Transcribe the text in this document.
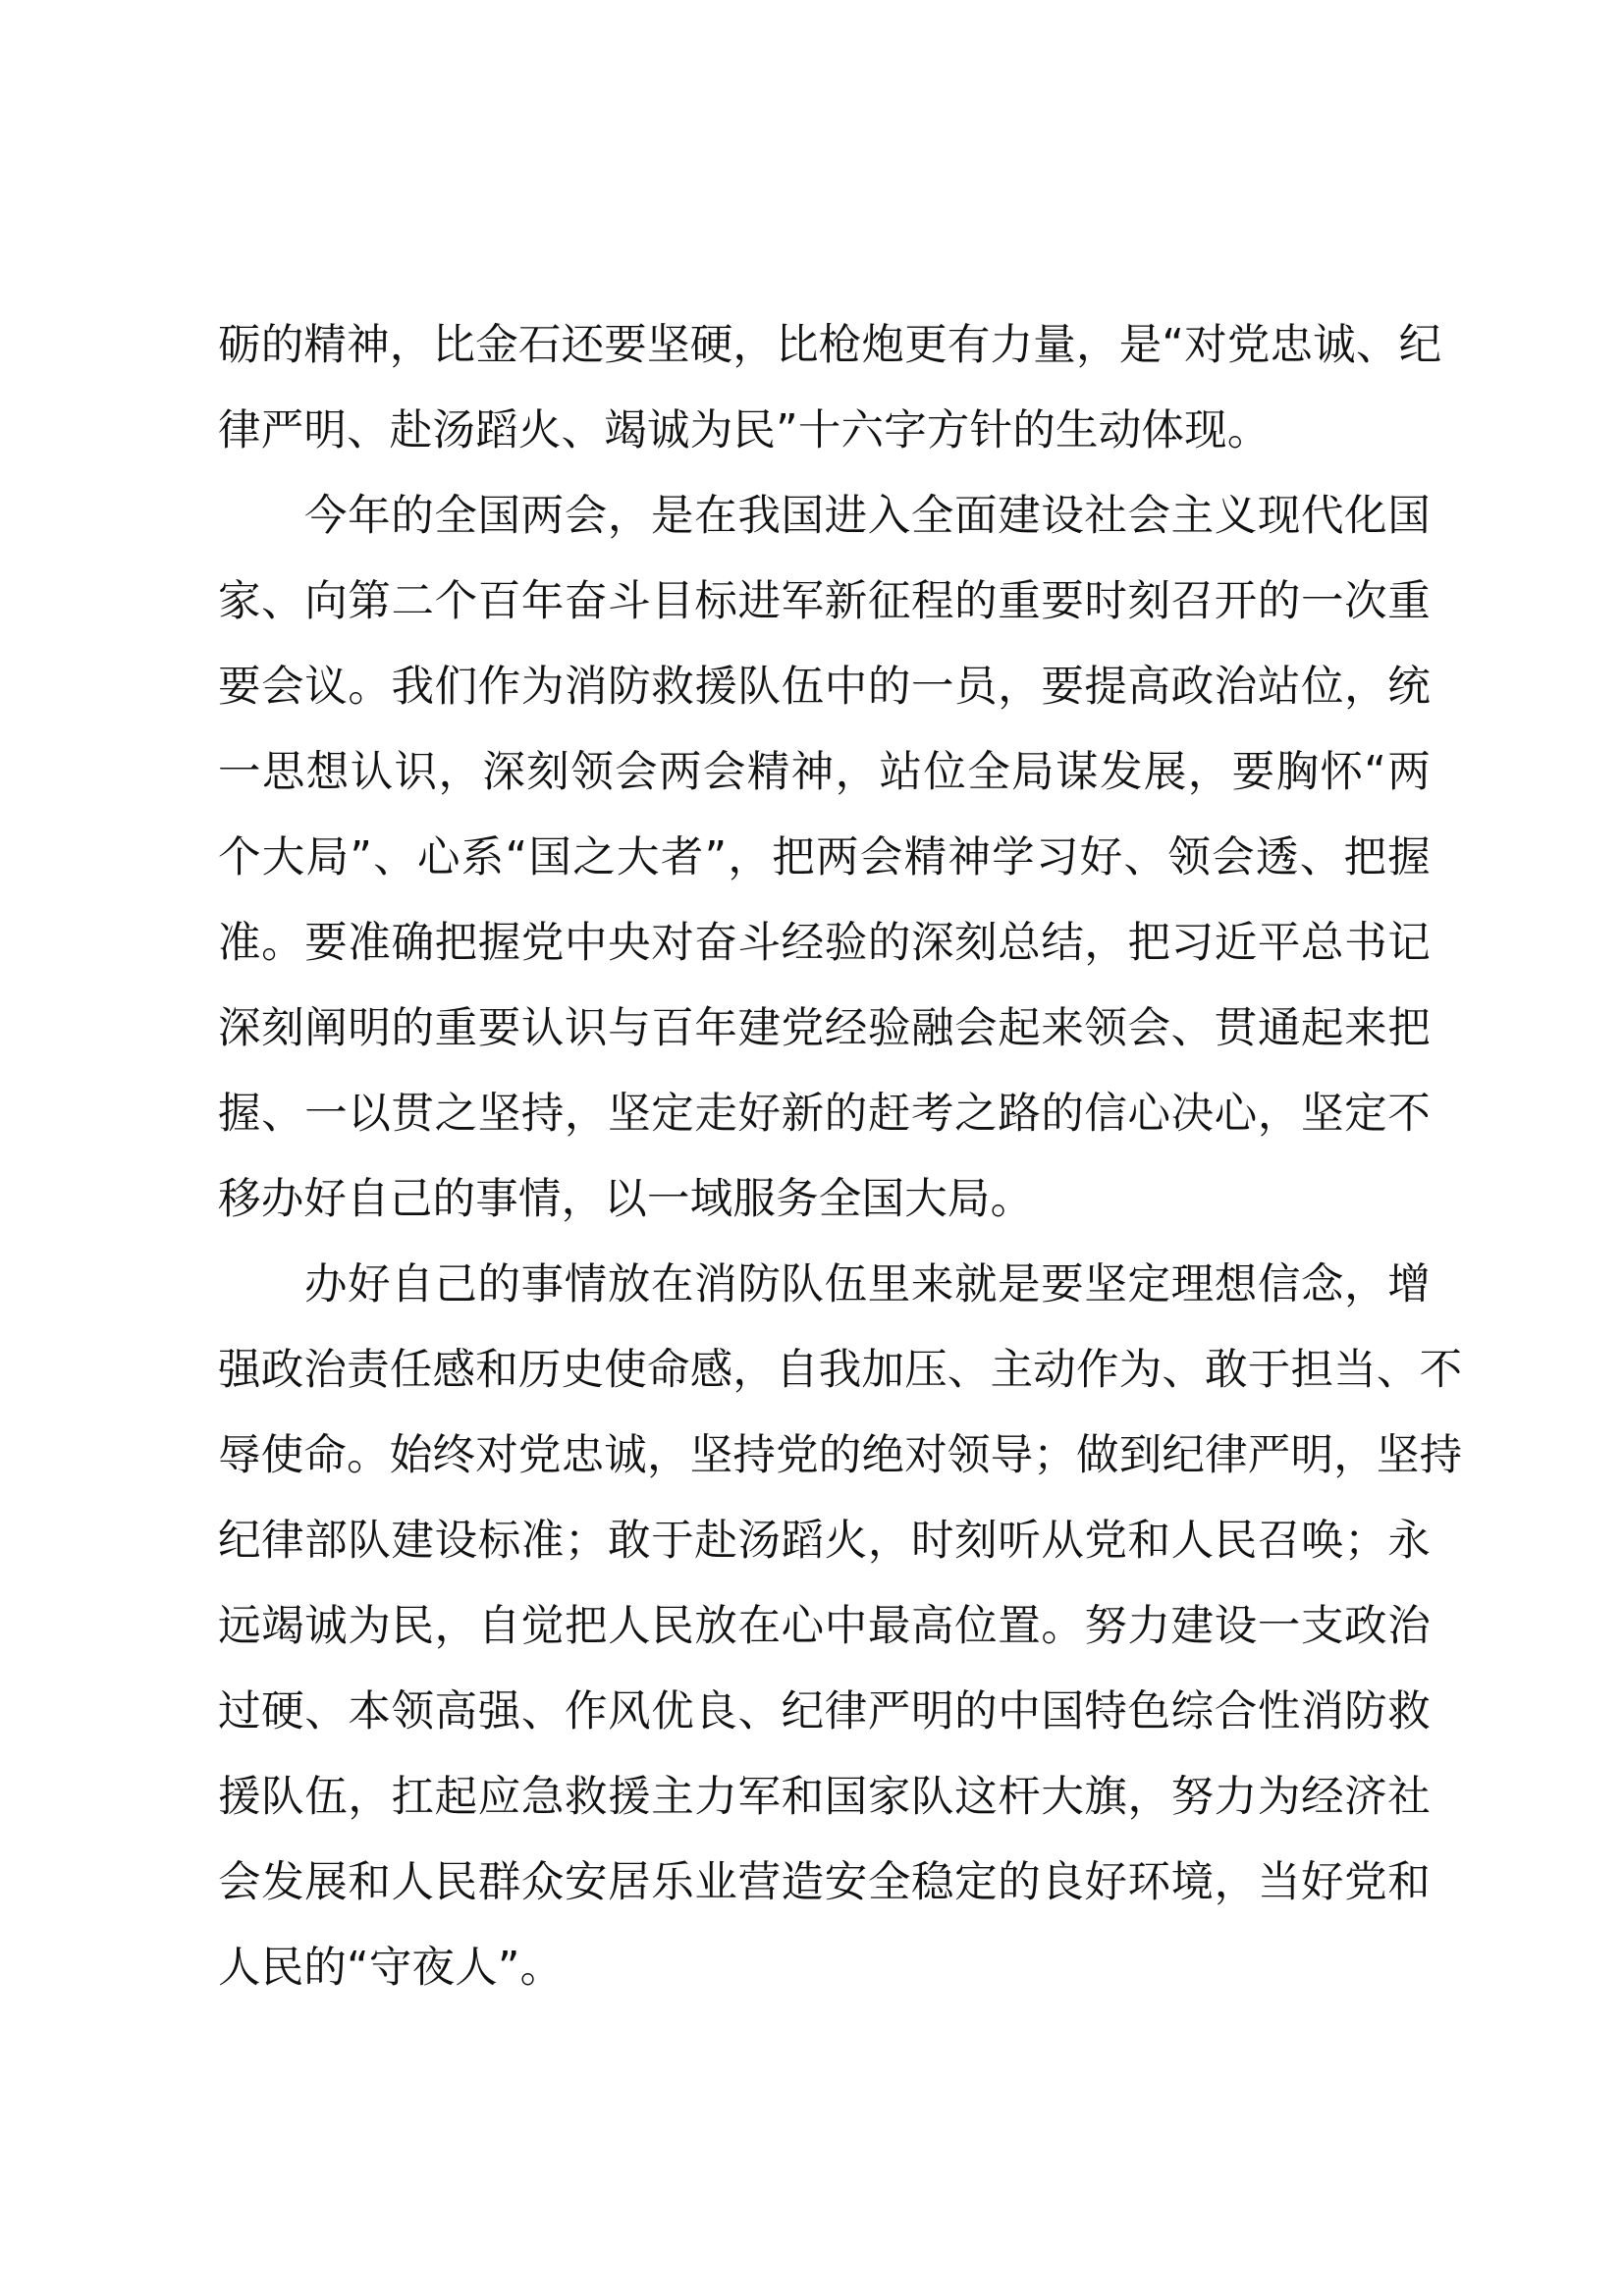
砺的精神，比金石还要坚硬，比枪炮更有力量，是“对党忠诚、纪
律严明、赴汤蹈火、竭诚为民”十六字方针的生动体现。
今年的全国两会，是在我国进入全面建设社会主义现代化国
家、向第二个百年奋斗目标进军新征程的重要时刻召开的一次重
要会议。我们作为消防救援队伍中的一员，要提高政治站位，统
一思想认识，深刻领会两会精神，站位全局谋发展，要胸怀“两
个大局”、心系“国之大者”，把两会精神学习好、领会透、把握
准。要准确把握党中央对奋斗经验的深刻总结，把习近平总书记
深刻阐明的重要认识与百年建党经验融会起来领会、贯通起来把
握、一以贯之坚持，坚定走好新的赶考之路的信心决心，坚定不
移办好自己的事情，以一域服务全国大局。
办好自己的事情放在消防队伍里来就是要坚定理想信念，增
强政治责任感和历史使命感，自我加压、主动作为、敢于担当、不
辱使命。始终对党忠诚，坚持党的绝对领导；做到纪律严明，坚持
纪律部队建设标准；敢于赴汤蹈火，时刻听从党和人民召唤；永
远竭诚为民，自觉把人民放在心中最高位置。努力建设一支政治
过硬、本领高强、作风优良、纪律严明的中国特色综合性消防救
援队伍，扛起应急救援主力军和国家队这杆大旗，努力为经济社
会发展和人民群众安居乐业营造安全稳定的良好环境，当好党和
人民的“守夜人”。
